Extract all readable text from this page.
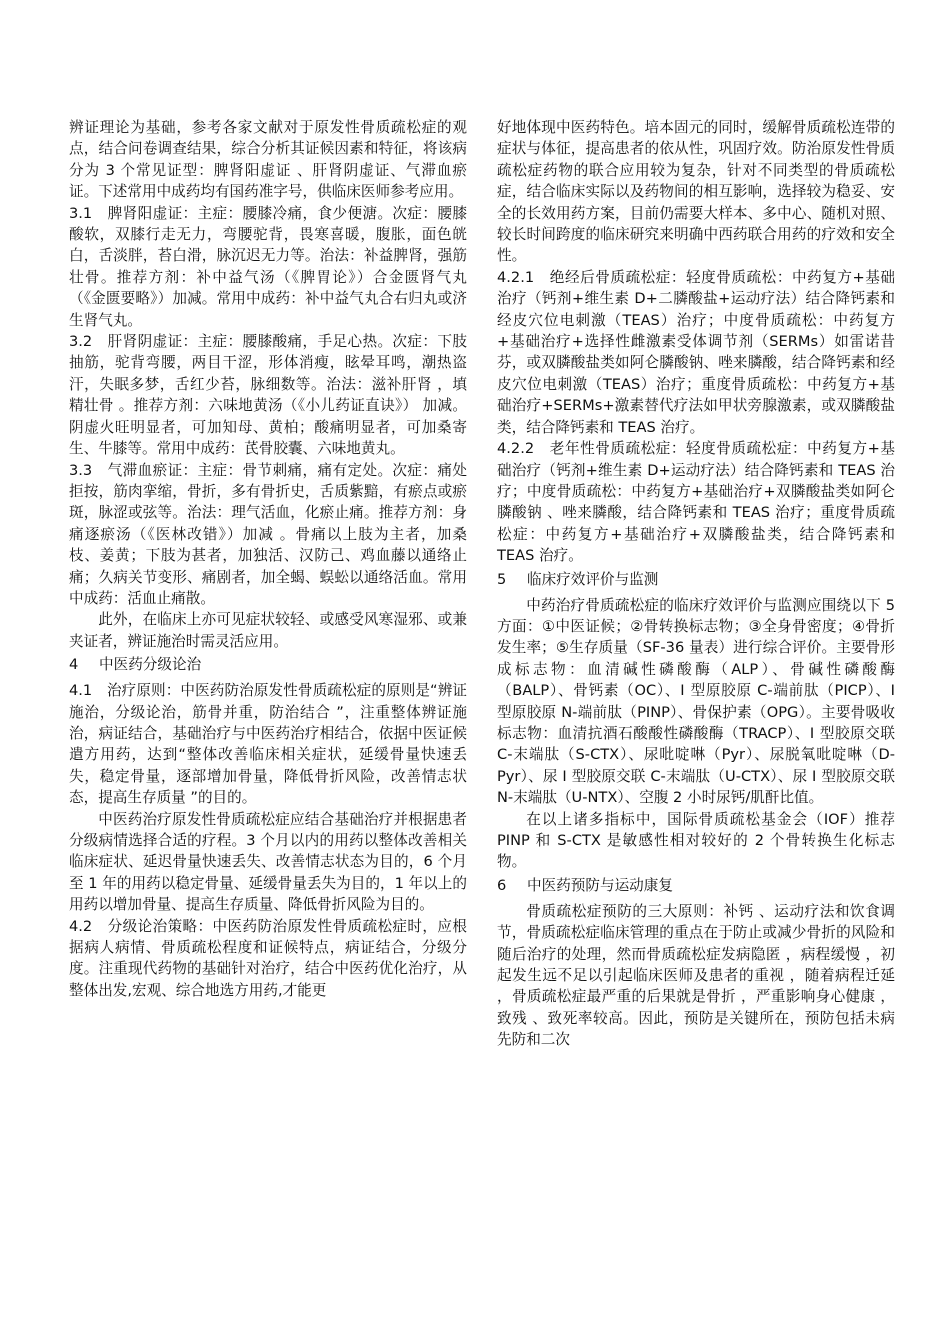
辨证理论为基础，参考各家文献对于原发性骨质疏松症的观点，结合问卷调查结果，综合分析其证候因素和特征，将该病分为 3 个常见证型：脾肾阳虚证 、肝肾阴虚证、气滞血瘀证。下述常用中成药均有国药准字号，供临床医师参考应用。

3.1　脾肾阳虚证：主症：腰膝冷痛，食少便溏。次症：腰膝酸软，双膝行走无力，弯腰驼背，畏寒喜暖，腹胀，面色㿠白，舌淡胖，苔白滑，脉沉迟无力等。治法：补益脾肾，强筋壮骨。推荐方剂：补中益气汤（《脾胃论》）合金匮肾气丸（《金匮要略》）加减。常用中成药：补中益气丸合右归丸或济生肾气丸。

3.2　肝肾阴虚证：主症：腰膝酸痛，手足心热。次症：下肢抽筋，驼背弯腰，两目干涩，形体消瘦，眩晕耳鸣，潮热盗汗，失眠多梦，舌红少苔，脉细数等。治法：滋补肝肾 ，填精壮骨 。推荐方剂：六味地黄汤（《小儿药证直诀》） 加减。阴虚火旺明显者，可加知母、黄柏；酸痛明显者，可加桑寄生、牛膝等。常用中成药：芪骨胶囊、六味地黄丸。

3.3　气滞血瘀证：主症：骨节刺痛，痛有定处。次症：痛处拒按，筋肉挛缩，骨折，多有骨折史，舌质紫黯，有瘀点或瘀斑，脉涩或弦等。治法：理气活血，化瘀止痛。推荐方剂：身痛逐瘀汤（《医林改错》）加减 。骨痛以上肢为主者，加桑枝、姜黄；下肢为甚者，加独活、汉防己、鸡血藤以通络止痛；久病关节变形、痛剧者，加全蝎、蜈蚣以通络活血。常用中成药：活血止痛散。

此外，在临床上亦可见症状较轻、或感受风寒湿邪、或兼夹证者，辨证施治时需灵活应用。

4 中医药分级论治

4.1　治疗原则：中医药防治原发性骨质疏松症的原则是“辨证施治，分级论治，筋骨并重，防治结合 ”，注重整体辨证施治，病证结合，基础治疗与中医药治疗相结合，依据中医证候遣方用药，达到“整体改善临床相关症状，延缓骨量快速丢失，稳定骨量，逐部增加骨量，降低骨折风险，改善情志状态，提高生存质量 ”的目的。

中医药治疗原发性骨质疏松症应结合基础治疗并根据患者分级病情选择合适的疗程。3 个月以内的用药以整体改善相关临床症状、延迟骨量快速丢失、改善情志状态为目的，6 个月至 1 年的用药以稳定骨量、延缓骨量丢失为目的，1 年以上的用药以增加骨量、提高生存质量、降低骨折风险为目的。

4.2　分级论治策略：中医药防治原发性骨质疏松症时，应根据病人病情、骨质疏松程度和证候特点，病证结合，分级分度。注重现代药物的基础针对治疗，结合中医药优化治疗，从整体出发,宏观、综合地选方用药,才能更

好地体现中医药特色。培本固元的同时，缓解骨质疏松连带的症状与体征，提高患者的依从性，巩固疗效。防治原发性骨质疏松症药物的联合应用较为复杂，针对不同类型的骨质疏松症，结合临床实际以及药物间的相互影响，选择较为稳妥、安全的长效用药方案，目前仍需要大样本、多中心、随机对照、较长时间跨度的临床研究来明确中西药联合用药的疗效和安全性。

4.2.1　绝经后骨质疏松症：轻度骨质疏松：中药复方+基础治疗（钙剂+维生素 D+二膦酸盐+运动疗法）结合降钙素和经皮穴位电刺激（TEAS）治疗；中度骨质疏松：中药复方+基础治疗+选择性雌激素受体调节剂（SERMs）如雷诺昔芬，或双膦酸盐类如阿仑膦酸钠、唑来膦酸，结合降钙素和经皮穴位电刺激（TEAS）治疗；重度骨质疏松：中药复方+基础治疗+SERMs+激素替代疗法如甲状旁腺激素，或双膦酸盐类，结合降钙素和 TEAS 治疗。

4.2.2　老年性骨质疏松症：轻度骨质疏松症：中药复方+基础治疗（钙剂+维生素 D+运动疗法）结合降钙素和 TEAS 治疗；中度骨质疏松：中药复方+基础治疗+双膦酸盐类如阿仑膦酸钠 、唑来膦酸，结合降钙素和 TEAS 治疗；重度骨质疏松症：中药复方+基础治疗+双膦酸盐类，结合降钙素和 TEAS 治疗。

5 临床疗效评价与监测

中药治疗骨质疏松症的临床疗效评价与监测应围绕以下 5 方面：①中医证候；②骨转换标志物；③全身骨密度；④骨折发生率；⑤生存质量（SF-36 量表）进行综合评价。主要骨形成标志物：血清碱性磷酸酶（ALP）、骨碱性磷酸酶（BALP）、骨钙素（OC）、Ⅰ 型原胶原 C-端前肽（PICP）、Ⅰ 型原胶原 N-端前肽（PINP）、骨保护素（OPG）。主要骨吸收标志物：血清抗酒石酸酸性磷酸酶（TRACP）、Ⅰ 型胶原交联 C-末端肽（S-CTX）、尿吡啶啉（Pyr）、尿脱氧吡啶啉（D-Pyr）、尿 Ⅰ 型胶原交联 C-末端肽（U-CTX）、尿 Ⅰ 型胶原交联 N-末端肽（U-NTX）、空腹 2 小时尿钙/肌酐比值。

在以上诸多指标中，国际骨质疏松基金会（IOF）推荐 PINP 和 S-CTX 是敏感性相对较好的 2 个骨转换生化标志物。

6 中医药预防与运动康复

骨质疏松症预防的三大原则：补钙 、运动疗法和饮食调节，骨质疏松症临床管理的重点在于防止或减少骨折的风险和随后治疗的处理，然而骨质疏松症发病隐匿 ，病程缓慢 ，初起发生远不足以引起临床医师及患者的重视 ，随着病程迁延 ，骨质疏松症最严重的后果就是骨折 ，严重影响身心健康 ，致残 、致死率较高。因此，预防是关键所在，预防包括未病先防和二次
